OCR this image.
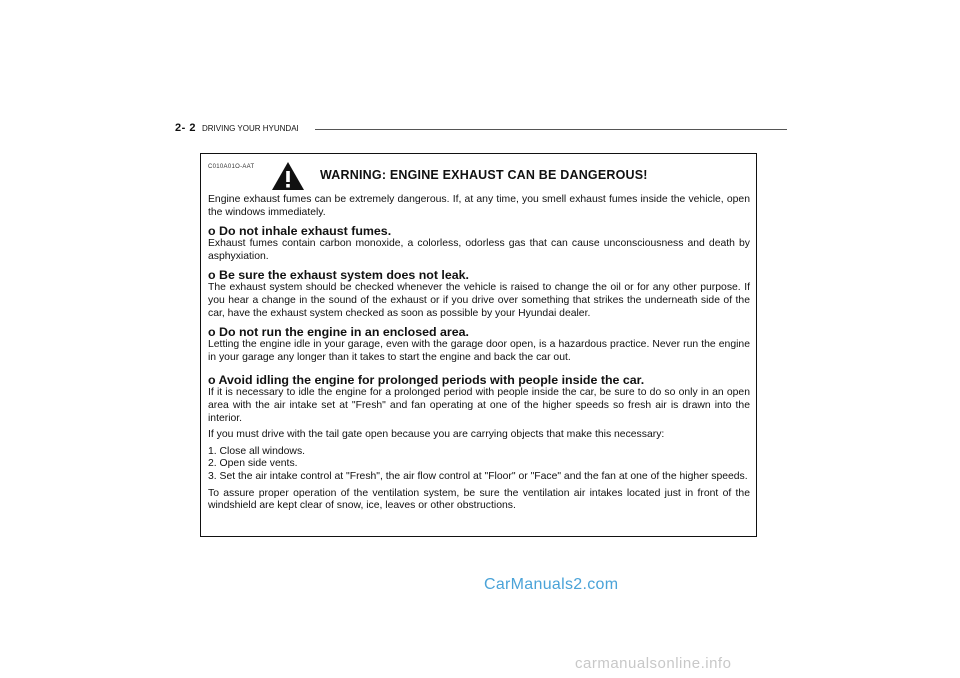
2- 2 DRIVING YOUR HYUNDAI
C010A01O-AAT
WARNING: ENGINE EXHAUST CAN BE DANGEROUS!

Engine exhaust fumes can be extremely dangerous. If, at any time, you smell exhaust fumes inside the vehicle, open the windows immediately.

o Do not inhale exhaust fumes.

Exhaust fumes contain carbon monoxide, a colorless, odorless gas that can cause unconsciousness and death by asphyxiation.

o Be sure the exhaust system does not leak.

The exhaust system should be checked whenever the vehicle is raised to change the oil or for any other purpose. If you hear a change in the sound of the exhaust or if you drive over something that strikes the underneath side of the car, have the exhaust system checked as soon as possible by your Hyundai dealer.

o Do not run the engine in an enclosed area.

Letting the engine idle in your garage, even with the garage door open, is a hazardous practice. Never run the engine in your garage any longer than it takes to start the engine and back the car out.

o Avoid idling the engine for prolonged periods with people inside the car.

If it is necessary to idle the engine for a prolonged period with people inside the car, be sure to do so only in an open area with the air intake set at "Fresh" and fan operating at one of the higher speeds so fresh air is drawn into the interior.

If you must drive with the tail gate open because you are carrying objects that make this necessary:

1. Close all windows.

2. Open side vents.

3. Set the air intake control at "Fresh", the air flow control at "Floor" or "Face" and the fan at one of the higher speeds.

To assure proper operation of the ventilation system, be sure the ventilation air intakes located just in front of the windshield are kept clear of snow, ice, leaves or other obstructions.

CarManuals2.com
carmanualsonline.info
